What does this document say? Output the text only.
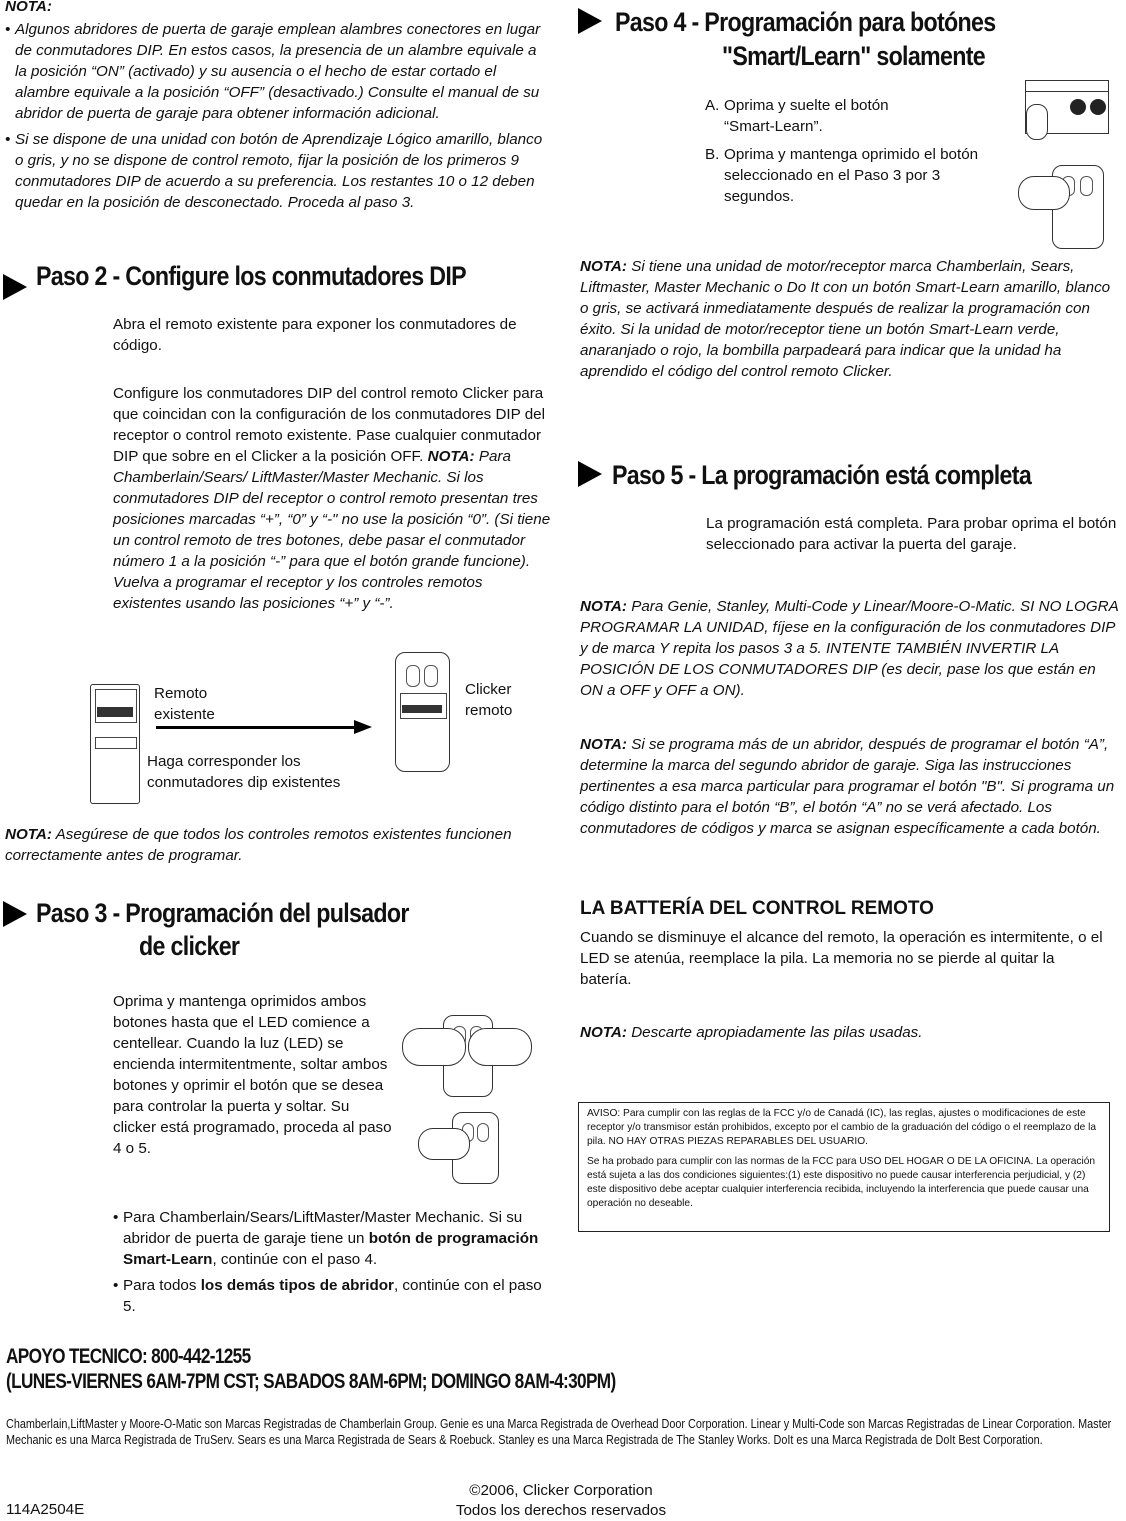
NOTA:
• Algunos abridores de puerta de garaje emplean alambres conectores en lugar de conmutadores DIP. En estos casos, la presencia de un alambre equivale a la posición “ON” (activado) y su ausencia o el hecho de estar cortado el alambre equivale a la posición “OFF” (desactivado.) Consulte el manual de su abridor de puerta de garaje para obtener información adicional.
• Si se dispone de una unidad con botón de Aprendizaje Lógico amarillo, blanco o gris, y no se dispone de control remoto, fijar la posición de los primeros 9 conmutadores DIP de acuerdo a su preferencia. Los restantes 10 o 12 deben quedar en la posición de desconectado. Proceda al paso 3.
Paso 2 - Configure los conmutadores DIP
Abra el remoto existente para exponer los conmutadores de código.
Configure los conmutadores DIP del control remoto Clicker para que coincidan con la configuración de los conmutadores DIP del receptor o control remoto existente. Pase cualquier conmutador DIP que sobre en el Clicker a la posición OFF. NOTA: Para Chamberlain/Sears/ LiftMaster/Master Mechanic. Si los conmutadores DIP del receptor o control remoto presentan tres posiciones marcadas “+”, “0” y “-" no use la posición “0”. (Si tiene un control remoto de tres botones, debe pasar el conmutador número 1 a la posición “-” para que el botón grande funcione). Vuelva a programar el receptor y los controles remotos existentes usando las posiciones “+” y “-”.
Remoto existente
Haga corresponder los conmutadores dip existentes
Clicker remoto
NOTA: Asegúrese de que todos los controles remotos existentes funcionen correctamente antes de programar.
Paso 3 - Programación del pulsador
de clicker
Oprima y mantenga oprimidos ambos botones hasta que el LED comience a centellear. Cuando la luz (LED) se encienda intermitentmente, soltar ambos botones y oprimir el botón que se desea para controlar la puerta y soltar. Su clicker está programado, proceda al paso 4 o 5.
• Para Chamberlain/Sears/LiftMaster/Master Mechanic. Si su abridor de puerta de garaje tiene un botón de programación Smart-Learn, continúe con el paso 4.
• Para todos los demás tipos de abridor, continúe con el paso 5.
APOYO TECNICO: 800-442-1255
(LUNES-VIERNES 6AM-7PM CST; SABADOS 8AM-6PM; DOMINGO 8AM-4:30PM)
Chamberlain,LiftMaster y Moore-O-Matic son Marcas Registradas de Chamberlain Group. Genie es una Marca Registrada de Overhead Door Corporation. Linear y Multi-Code son Marcas Registradas de Linear Corporation. Master Mechanic es una Marca Registrada de TruServ. Sears es una Marca Registrada de Sears & Roebuck. Stanley es una Marca Registrada de The Stanley Works. DoIt es una Marca Registrada de DoIt Best Corporation.
114A2504E
©2006, Clicker Corporation
Todos los derechos reservados
Paso 4 - Programación para botónes
"Smart/Learn" solamente
A. Oprima y suelte el botón “Smart-Learn”.
B. Oprima y mantenga oprimido el botón seleccionado en el Paso 3 por 3 segundos.
NOTA: Si tiene una unidad de motor/receptor marca Chamberlain, Sears, Liftmaster, Master Mechanic o Do It con un botón Smart-Learn amarillo, blanco o gris, se activará inmediatamente después de realizar la programación con éxito. Si la unidad de motor/receptor tiene un botón Smart-Learn verde, anaranjado o rojo, la bombilla parpadeará para indicar que la unidad ha aprendido el código del control remoto Clicker.
Paso 5 - La programación está completa
La programación está completa. Para probar oprima el botón seleccionado para activar la puerta del garaje.
NOTA: Para Genie, Stanley, Multi-Code y Linear/Moore-O-Matic. SI NO LOGRA PROGRAMAR LA UNIDAD, fíjese en la configuración de los conmutadores DIP y de marca Y repita los pasos 3 a 5. INTENTE TAMBIÉN INVERTIR LA POSICIÓN DE LOS CONMUTADORES DIP (es decir, pase los que están en ON a OFF y OFF a ON).
NOTA: Si se programa más de un abridor, después de programar el botón “A”, determine la marca del segundo abridor de garaje. Siga las instrucciones pertinentes a esa marca particular para programar el botón "B". Si programa un código distinto para el botón “B”, el botón “A” no se verá afectado. Los conmutadores de códigos y marca se asignan específicamente a cada botón.
LA BATTERÍA DEL CONTROL REMOTO
Cuando se disminuye el alcance del remoto, la operación es intermitente, o el LED se atenúa, reemplace la pila. La memoria no se pierde al quitar la batería.
NOTA: Descarte apropiadamente las pilas usadas.

AVISO: Para cumplir con las reglas de la FCC y/o de Canadá (IC), las reglas, ajustes o modificaciones de este receptor y/o transmisor están prohibidos, excepto por el cambio de la graduación del código o el reemplazo de la pila. NO HAY OTRAS PIEZAS REPARABLES DEL USUARIO.

Se ha probado para cumplir con las normas de la FCC para USO DEL HOGAR O DE LA OFICINA. La operación está sujeta a las dos condiciones siguientes:(1) este dispositivo no puede causar interferencia perjudicial, y (2) este dispositivo debe aceptar cualquier interferencia recibida, incluyendo la interferencia que puede causar una operación no deseable.
